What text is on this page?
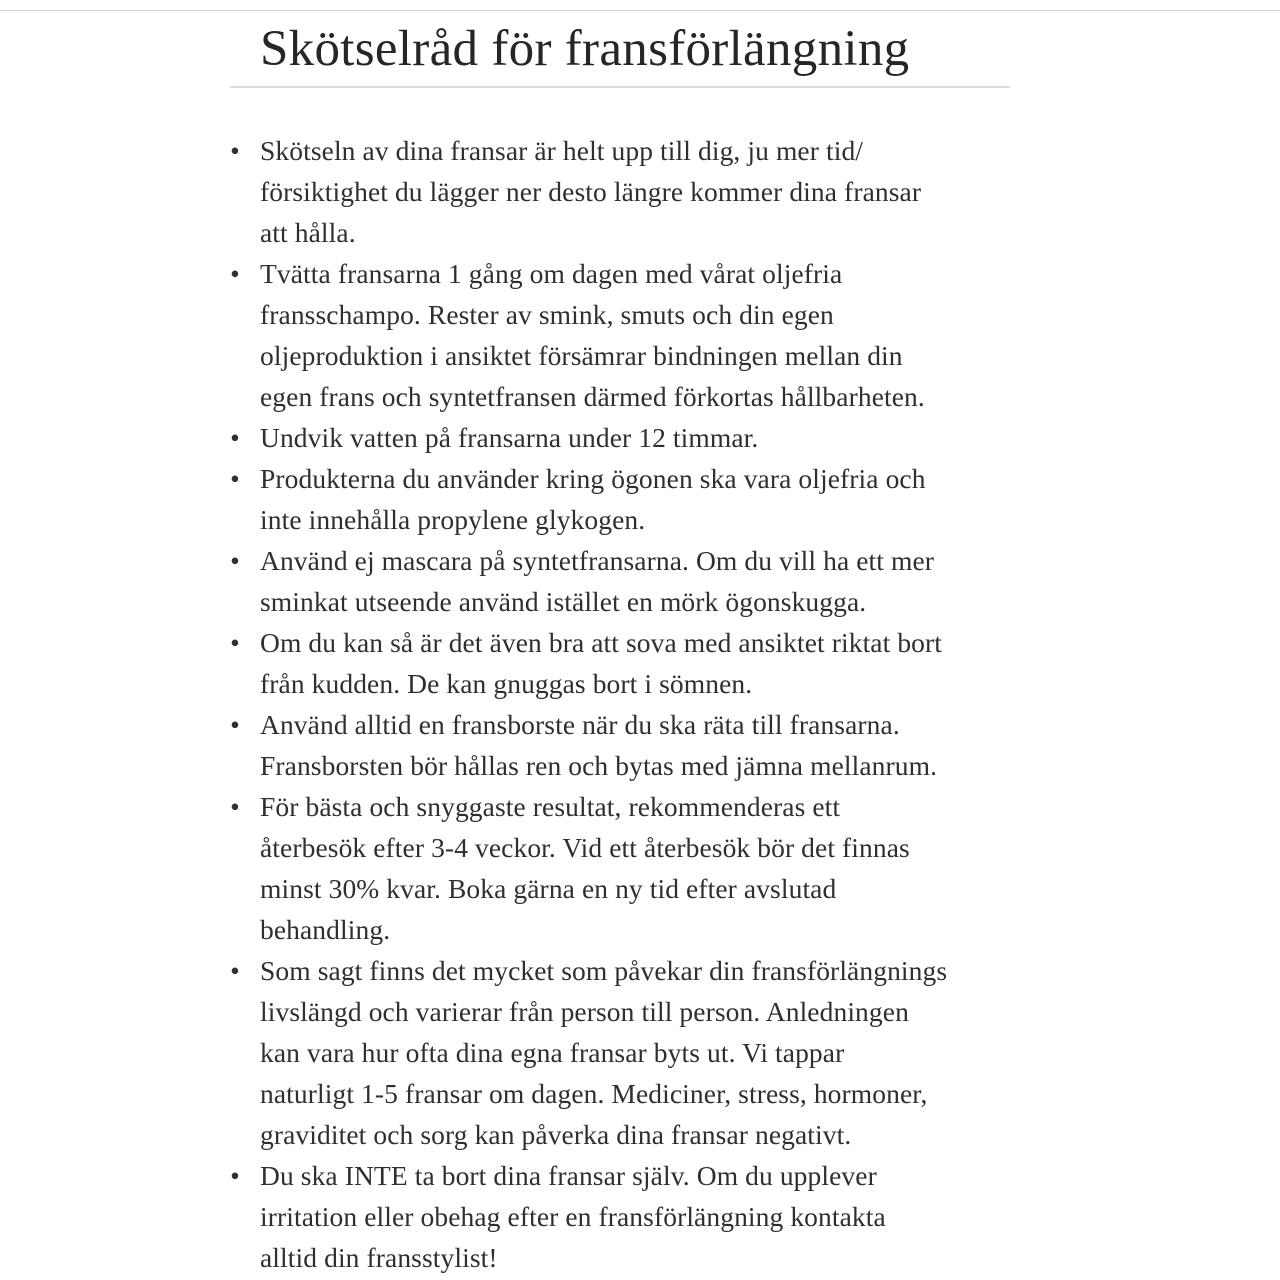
Skötselråd för fransförlängning
• Skötseln av dina fransar är helt upp till dig, ju mer tid/
försiktighet du lägger ner desto längre kommer dina fransar
att hålla.
• Tvätta fransarna 1 gång om dagen med vårat oljefria
fransschampo. Rester av smink, smuts och din egen
oljeproduktion i ansiktet försämrar bindningen mellan din
egen frans och syntetfransen därmed förkortas hållbarheten.
• Undvik vatten på fransarna under 12 timmar.
• Produkterna du använder kring ögonen ska vara oljefria och
inte innehålla propylene glykogen.
• Använd ej mascara på syntetfransarna. Om du vill ha ett mer
sminkat utseende använd istället en mörk ögonskugga.
• Om du kan så är det även bra att sova med ansiktet riktat bort
från kudden. De kan gnuggas bort i sömnen.
• Använd alltid en fransborste när du ska räta till fransarna.
Fransborsten bör hållas ren och bytas med jämna mellanrum.
• För bästa och snyggaste resultat, rekommenderas ett
återbesök efter 3-4 veckor. Vid ett återbesök bör det finnas
minst 30% kvar. Boka gärna en ny tid efter avslutad
behandling.
• Som sagt finns det mycket som påvekar din fransförlängnings
livslängd och varierar från person till person. Anledningen
kan vara hur ofta dina egna fransar byts ut. Vi tappar
naturligt 1-5 fransar om dagen. Mediciner, stress, hormoner,
graviditet och sorg kan påverka dina fransar negativt.
• Du ska INTE ta bort dina fransar själv. Om du upplever
irritation eller obehag efter en fransförlängning kontakta
alltid din fransstylist!
